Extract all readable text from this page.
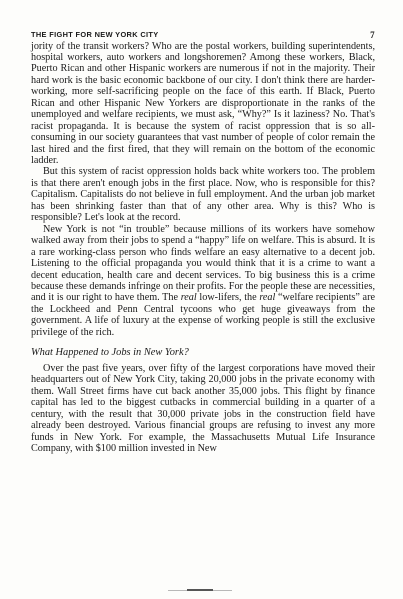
THE FIGHT FOR NEW YORK CITY	7

jority of the transit workers? Who are the postal workers, building superintendents, hospital workers, auto workers and longshoremen? Among these workers, Black, Puerto Rican and other Hispanic workers are numerous if not in the majority. Their hard work is the basic economic backbone of our city. I don't think there are harder-working, more self-sacrificing people on the face of this earth. If Black, Puerto Rican and other Hispanic New Yorkers are disproportionate in the ranks of the unemployed and welfare recipients, we must ask, “Why?” Is it laziness? No. That's racist propaganda. It is because the system of racist oppression that is so all-consuming in our society guarantees that vast number of people of color remain the last hired and the first fired, that they will remain on the bottom of the economic ladder.

But this system of racist oppression holds back white workers too. The problem is that there aren't enough jobs in the first place. Now, who is responsible for this? Capitalism. Capitalists do not believe in full employment. And the urban job market has been shrinking faster than that of any other area. Why is this? Who is responsible? Let's look at the record.

New York is not “in trouble” because millions of its workers have somehow walked away from their jobs to spend a “happy” life on welfare. This is absurd. It is a rare working-class person who finds welfare an easy alternative to a decent job. Listening to the official propaganda you would think that it is a crime to want a decent education, health care and decent services. To big business this is a crime because these demands infringe on their profits. For the people these are necessities, and it is our right to have them. The real low-lifers, the real “welfare recipients” are the Lockheed and Penn Central tycoons who get huge giveaways from the government. A life of luxury at the expense of working people is still the exclusive privilege of the rich.

What Happened to Jobs in New York?

Over the past five years, over fifty of the largest corporations have moved their headquarters out of New York City, taking 20,000 jobs in the private economy with them. Wall Street firms have cut back another 35,000 jobs. This flight by finance capital has led to the biggest cutbacks in commercial building in a quarter of a century, with the result that 30,000 private jobs in the construction field have already been destroyed. Various financial groups are refusing to invest any more funds in New York. For example, the Massachusetts Mutual Life Insurance Company, with $100 million invested in New
